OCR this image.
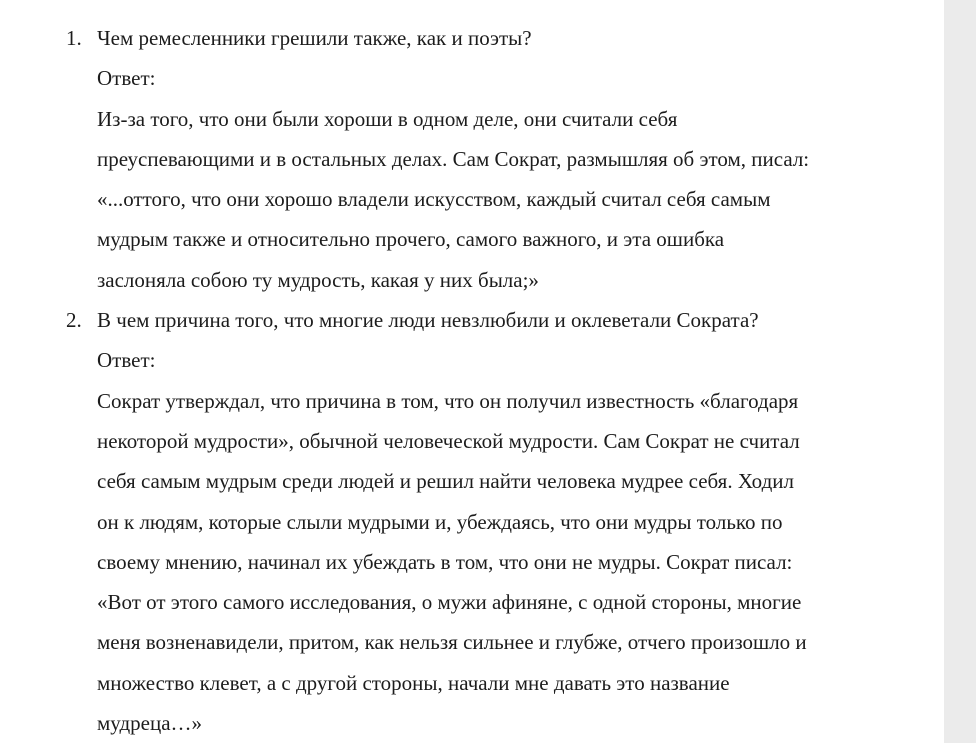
1. Чем ремесленники грешили также, как и поэты?
Ответ:
Из-за того, что они были хороши в одном деле, они считали себя
преуспевающими и в остальных делах. Сам Сократ, размышляя об этом, писал:
«...оттого, что они хорошо владели искусством, каждый считал себя самым
мудрым также и относительно прочего, самого важного, и эта ошибка
заслоняла собою ту мудрость, какая у них была;»
2. В чем причина того, что многие люди невзлюбили и оклеветали Сократа?
Ответ:
Сократ утверждал, что причина в том, что он получил известность «благодаря
некоторой мудрости», обычной человеческой мудрости. Сам Сократ не считал
себя самым мудрым среди людей и решил найти человека мудрее себя. Ходил
он к людям, которые слыли мудрыми и, убеждаясь, что они мудры только по
своему мнению, начинал их убеждать в том, что они не мудры. Сократ писал:
«Вот от этого самого исследования, о мужи афиняне, с одной стороны, многие
меня возненавидели, притом, как нельзя сильнее и глубже, отчего произошло и
множество клевет, а с другой стороны, начали мне давать это название
мудреца…»
